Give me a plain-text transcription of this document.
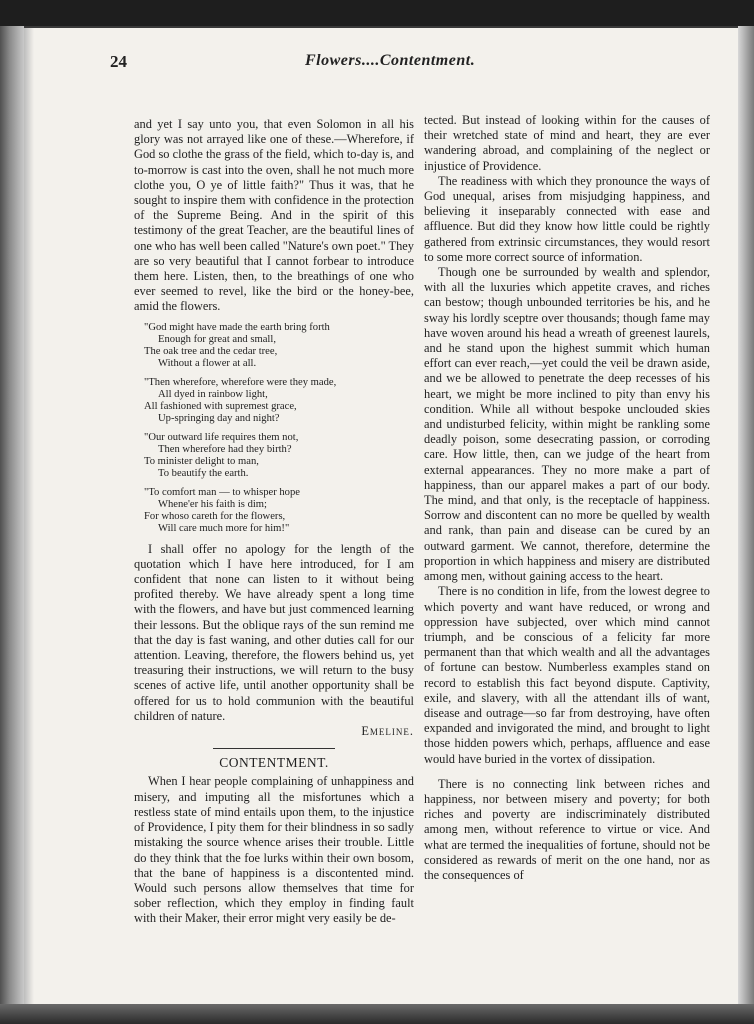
24	Flowers....Contentment.

and yet I say unto you, that even Solomon in all his glory was not arrayed like one of these.—Wherefore, if God so clothe the grass of the field, which to-day is, and to-morrow is cast into the oven, shall he not much more clothe you, O ye of little faith?" Thus it was, that he sought to inspire them with confidence in the protection of the Supreme Being. And in the spirit of this testimony of the great Teacher, are the beautiful lines of one who has well been called "Nature's own poet." They are so very beautiful that I cannot forbear to introduce them here. Listen, then, to the breathings of one who ever seemed to revel, like the bird or the honey-bee, amid the flowers.

"God might have made the earth bring forth
Enough for great and small,
The oak tree and the cedar tree,
Without a flower at all.
"Then wherefore, wherefore were they made,
All dyed in rainbow light,
All fashioned with supremest grace,
Up-springing day and night?
"Our outward life requires them not,
Then wherefore had they birth?
To minister delight to man,
To beautify the earth.
"To comfort man — to whisper hope
Whene'er his faith is dim;
For whoso careth for the flowers,
Will care much more for him!"

I shall offer no apology for the length of the quotation which I have here introduced, for I am confident that none can listen to it without being profited thereby. We have already spent a long time with the flowers, and have but just commenced learning their lessons. But the oblique rays of the sun remind me that the day is fast waning, and other duties call for our attention. Leaving, therefore, the flowers behind us, yet treasuring their instructions, we will return to the busy scenes of active life, until another opportunity shall be offered for us to hold communion with the beautiful children of nature.

Emeline.

CONTENTMENT.

When I hear people complaining of unhappiness and misery, and imputing all the misfortunes which a restless state of mind entails upon them, to the injustice of Providence, I pity them for their blindness in so sadly mistaking the source whence arises their trouble. Little do they think that the foe lurks within their own bosom, that the bane of happiness is a discontented mind. Would such persons allow themselves that time for sober reflection, which they employ in finding fault with their Maker, their error might very easily be de-

tected. But instead of looking within for the causes of their wretched state of mind and heart, they are ever wandering abroad, and complaining of the neglect or injustice of Providence.

The readiness with which they pronounce the ways of God unequal, arises from misjudging happiness, and believing it inseparably connected with ease and affluence. But did they know how little could be rightly gathered from extrinsic circumstances, they would resort to some more correct source of information.

Though one be surrounded by wealth and splendor, with all the luxuries which appetite craves, and riches can bestow; though unbounded territories be his, and he sway his lordly sceptre over thousands; though fame may have woven around his head a wreath of greenest laurels, and he stand upon the highest summit which human effort can ever reach,—yet could the veil be drawn aside, and we be allowed to penetrate the deep recesses of his heart, we might be more inclined to pity than envy his condition. While all without bespoke unclouded skies and undisturbed felicity, within might be rankling some deadly poison, some desecrating passion, or corroding care. How little, then, can we judge of the heart from external appearances. They no more make a part of happiness, than our apparel makes a part of our body. The mind, and that only, is the receptacle of happiness. Sorrow and discontent can no more be quelled by wealth and rank, than pain and disease can be cured by an outward garment. We cannot, therefore, determine the proportion in which happiness and misery are distributed among men, without gaining access to the heart.

There is no condition in life, from the lowest degree to which poverty and want have reduced, or wrong and oppression have subjected, over which mind cannot triumph, and be conscious of a felicity far more permanent than that which wealth and all the advantages of fortune can bestow. Numberless examples stand on record to establish this fact beyond dispute. Captivity, exile, and slavery, with all the attendant ills of want, disease and outrage—so far from destroying, have often expanded and invigorated the mind, and brought to light those hidden powers which, perhaps, affluence and ease would have buried in the vortex of dissipation.

There is no connecting link between riches and happiness, nor between misery and poverty; for both riches and poverty are indiscriminately distributed among men, without reference to virtue or vice. And what are termed the inequalities of fortune, should not be considered as rewards of merit on the one hand, nor as the consequences of
